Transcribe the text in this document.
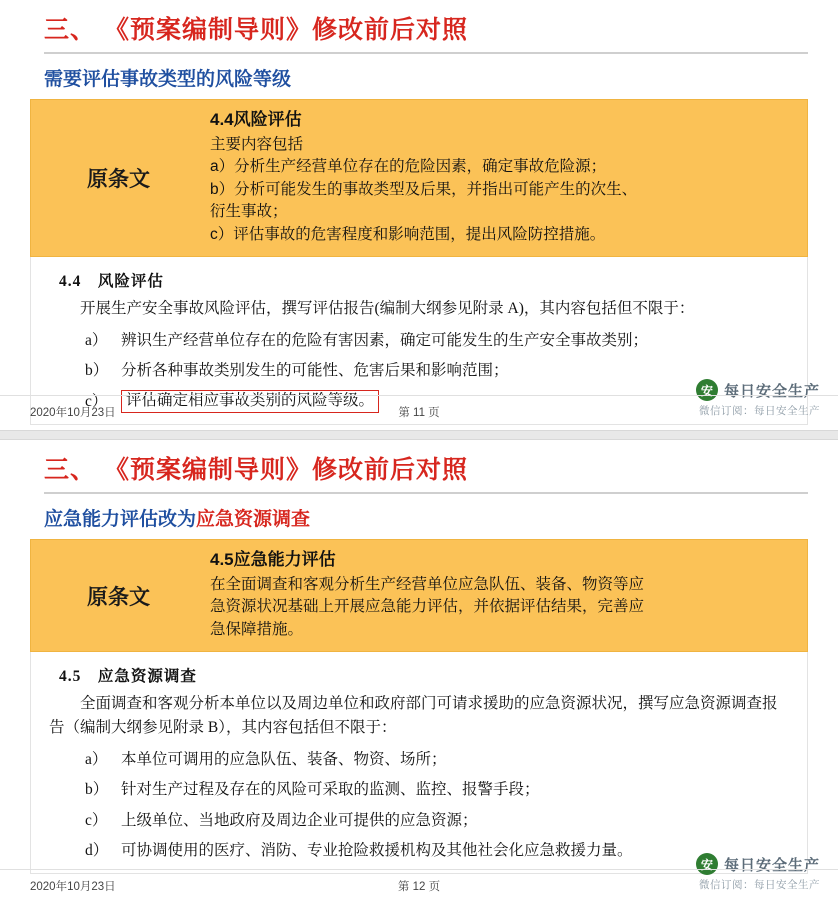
三、 《预案编制导则》修改前后对照
需要评估事故类型的风险等级
原条文
4.4风险评估

主要内容包括

a）分析生产经营单位存在的危险因素，确定事故危险源；

b）分析可能发生的事故类型及后果，并指出可能产生的次生、

衍生事故；

c）评估事故的危害程度和影响范围，提出风险防控措施。

4.4　风险评估

开展生产安全事故风险评估，撰写评估报告(编制大纲参见附录 A)，其内容包括但不限于：

a） 辨识生产经营单位存在的危险有害因素，确定可能发生的生产安全事故类别；
b） 分析各种事故类别发生的可能性、危害后果和影响范围；
c）	评估确定相应事故类别的风险等级。
安 每日安全生产
微信订阅：每日安全生产
2020年10月23日	第 11 页
三、 《预案编制导则》修改前后对照
应急能力评估改为应急资源调查
原条文
4.5应急能力评估

在全面调查和客观分析生产经营单位应急队伍、装备、物资等应

急资源状况基础上开展应急能力评估，并依据评估结果，完善应

急保障措施。

4.5　应急资源调查

全面调查和客观分析本单位以及周边单位和政府部门可请求援助的应急资源状况，撰写应急资源调查报告（编制大纲参见附录 B），其内容包括但不限于：

a） 本单位可调用的应急队伍、装备、物资、场所；
b） 针对生产过程及存在的风险可采取的监测、监控、报警手段；
c） 上级单位、当地政府及周边企业可提供的应急资源；
d） 可协调使用的医疗、消防、专业抢险救援机构及其他社会化应急救援力量。
安 每日安全生产
微信订阅：每日安全生产
2020年10月23日	第 12 页
